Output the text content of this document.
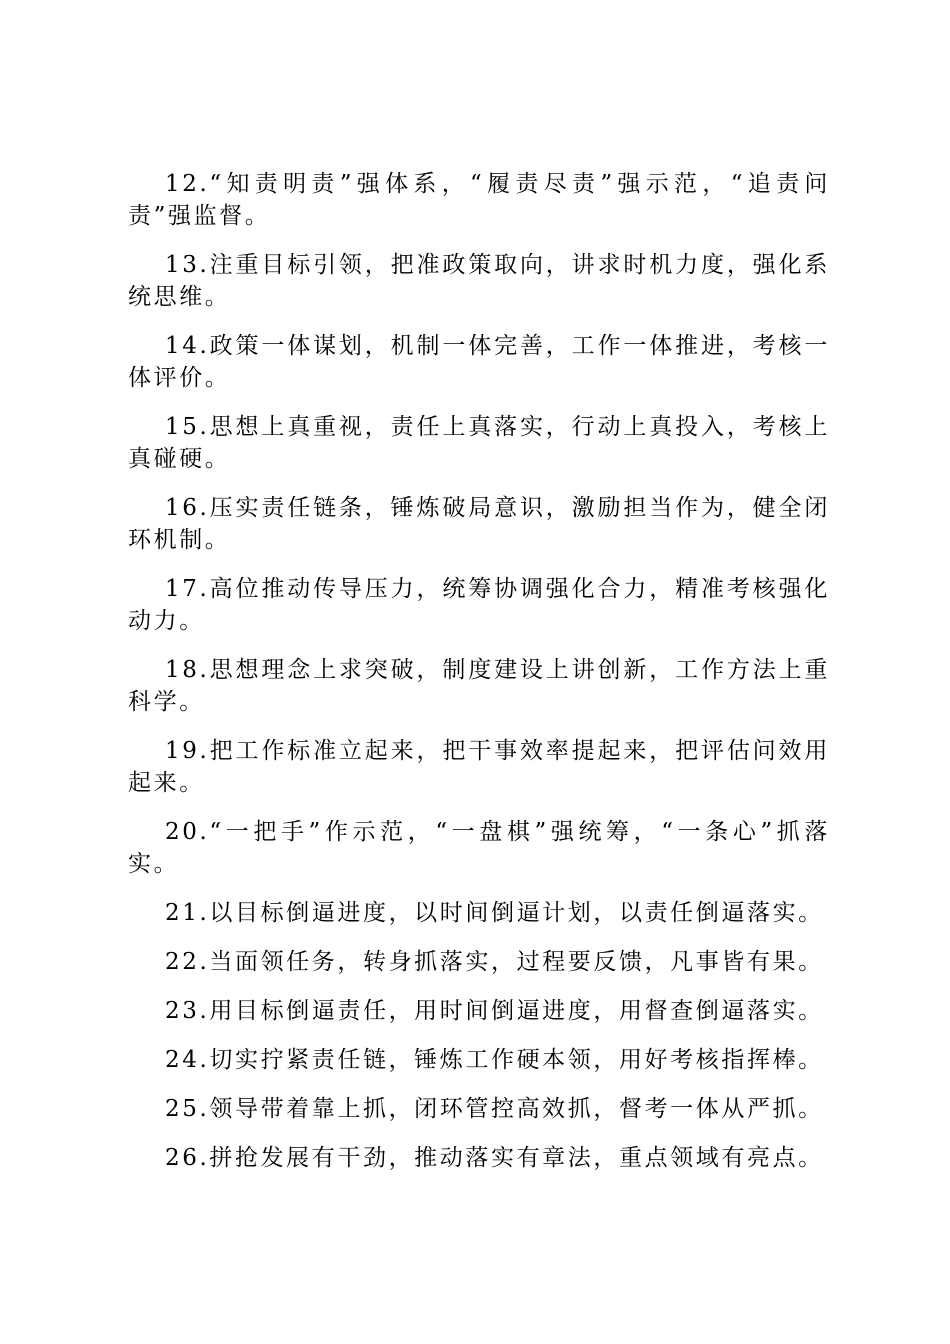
12.“知责明责”强体系，“履责尽责”强示范，“追责问责”强监督。

13.注重目标引领，把准政策取向，讲求时机力度，强化系统思维。

14.政策一体谋划，机制一体完善，工作一体推进，考核一体评价。

15.思想上真重视，责任上真落实，行动上真投入，考核上真碰硬。

16.压实责任链条，锤炼破局意识，激励担当作为，健全闭环机制。

17.高位推动传导压力，统筹协调强化合力，精准考核强化动力。

18.思想理念上求突破，制度建设上讲创新，工作方法上重科学。

19.把工作标准立起来，把干事效率提起来，把评估问效用起来。

20.“一把手”作示范，“一盘棋”强统筹，“一条心”抓落实。

21.以目标倒逼进度，以时间倒逼计划，以责任倒逼落实。

22.当面领任务，转身抓落实，过程要反馈，凡事皆有果。

23.用目标倒逼责任，用时间倒逼进度，用督查倒逼落实。

24.切实拧紧责任链，锤炼工作硬本领，用好考核指挥棒。

25.领导带着靠上抓，闭环管控高效抓，督考一体从严抓。

26.拼抢发展有干劲，推动落实有章法，重点领域有亮点。
